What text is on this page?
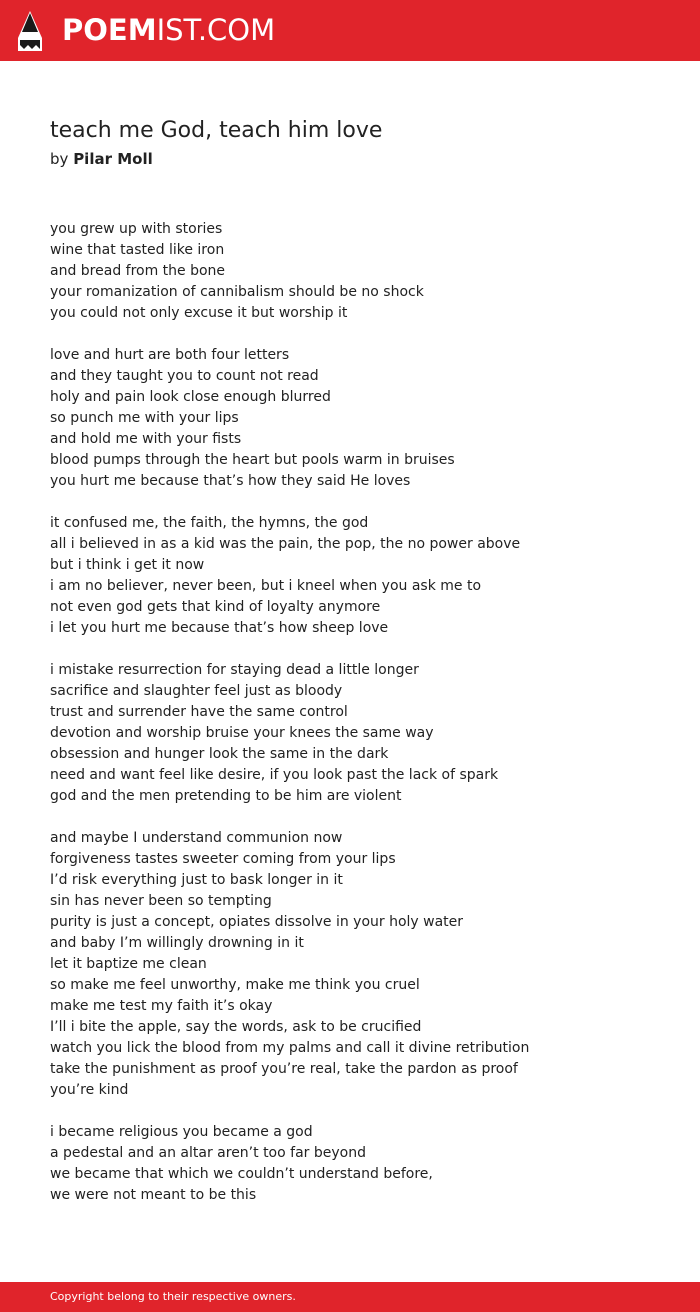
POEMIST.COM
teach me God, teach him love
by Pilar Moll
you grew up with stories
wine that tasted like iron
and bread from the bone
your romanization of cannibalism should be no shock
you could not only excuse it but worship it
love and hurt are both four letters
and they taught you to count not read
holy and pain look close enough blurred
so punch me with your lips
and hold me with your fists
blood pumps through the heart but pools warm in bruises
you hurt me because that’s how they said He loves
it confused me, the faith, the hymns, the god
all i believed in as a kid was the pain, the pop, the no power above
but i think i get it now
i am no believer, never been, but i kneel when you ask me to
not even god gets that kind of loyalty anymore
i let you hurt me because that’s how sheep love
i mistake resurrection for staying dead a little longer
sacrifice and slaughter feel just as bloody
trust and surrender have the same control
devotion and worship bruise your knees the same way
obsession and hunger look the same in the dark
need and want feel like desire, if you look past the lack of spark
god and the men pretending to be him are violent
and maybe I understand communion now
forgiveness tastes sweeter coming from your lips
I’d risk everything just to bask longer in it
sin has never been so tempting
purity is just a concept, opiates dissolve in your holy water
and baby I’m willingly drowning in it
let it baptize me clean
so make me feel unworthy, make me think you cruel
make me test my faith it’s okay
I’ll i bite the apple, say the words, ask to be crucified
watch you lick the blood from my palms and call it divine retribution
take the punishment as proof you’re real, take the pardon as proof
you’re kind
i became religious you became a god
a pedestal and an altar aren’t too far beyond
we became that which we couldn’t understand before,
we were not meant to be this
Copyright belong to their respective owners.
